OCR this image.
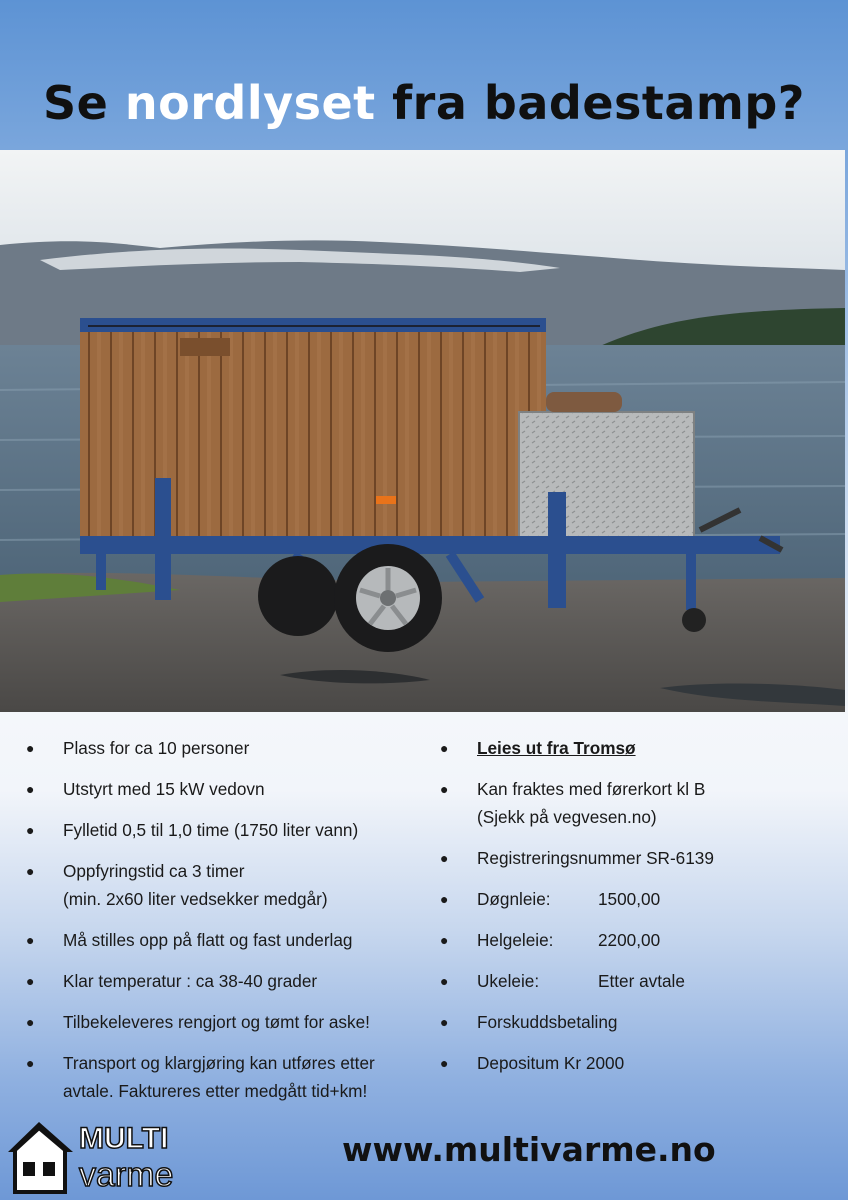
Se nordlyset fra badestamp?
● Plass for ca 10 personer
● Utstyrt med 15 kW vedovn
● Fylletid 0,5 til 1,0 time (1750 liter vann)
● Oppfyringstid ca 3 timer
(min. 2x60 liter vedsekker medgår)
● Må stilles opp på flatt og fast underlag
● Klar temperatur : ca 38-40 grader
● Tilbekeleveres rengjort og tømt for aske!
● Transport og klargjøring kan utføres etter
avtale. Faktureres etter medgått tid+km!
● Leies ut fra Tromsø
● Kan fraktes med førerkort kl B
(Sjekk på vegvesen.no)
● Registreringsnummer SR-6139
● Døgnleie:	1500,00
● Helgeleie:	2200,00
● Ukeleie:	Etter avtale
● Forskuddsbetaling
● Depositum Kr 2000
MULTI
varme
www.multivarme.no
